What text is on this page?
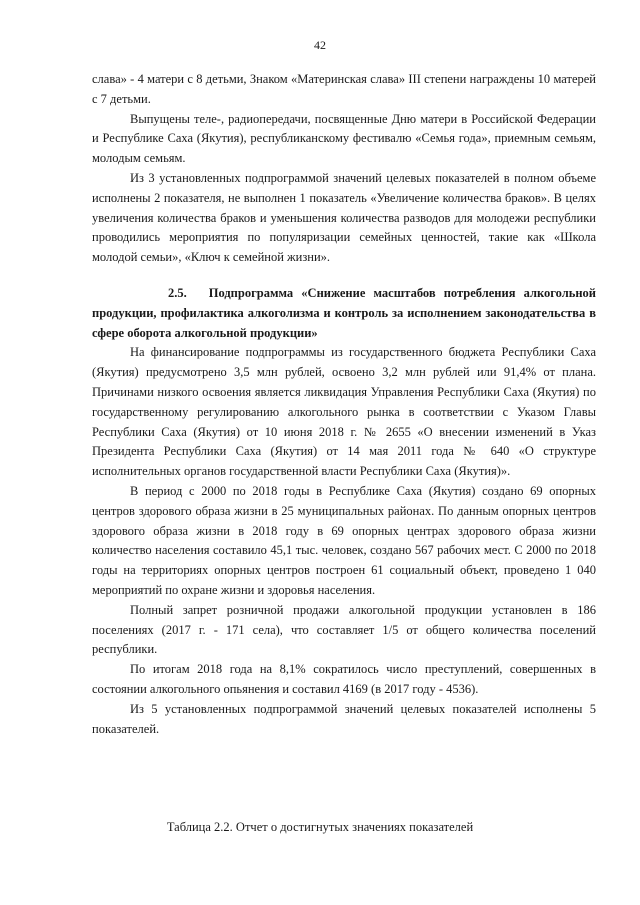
42

слава» - 4 матери с 8 детьми, Знаком «Материнская слава» III степени награждены 10 матерей с 7 детьми.

Выпущены теле-, радиопередачи, посвященные Дню матери в Российской Федерации и Республике Саха (Якутия), республиканскому фестивалю «Семья года», приемным семьям, молодым семьям.

Из 3 установленных подпрограммой значений целевых показателей в полном объеме исполнены 2 показателя, не выполнен 1 показатель «Увеличение количества браков». В целях увеличения количества браков и уменьшения количества разводов для молодежи республики проводились мероприятия по популяризации семейных ценностей, такие как «Школа молодой семьи», «Ключ к семейной жизни».

2.5. Подпрограмма «Снижение масштабов потребления алкогольной продукции, профилактика алкоголизма и контроль за исполнением законодательства в сфере оборота алкогольной продукции»

На финансирование подпрограммы из государственного бюджета Республики Саха (Якутия) предусмотрено 3,5 млн рублей, освоено 3,2 млн рублей или 91,4% от плана. Причинами низкого освоения является ликвидация Управления Республики Саха (Якутия) по государственному регулированию алкогольного рынка в соответствии с Указом Главы Республики Саха (Якутия) от 10 июня 2018 г. № 2655 «О внесении изменений в Указ Президента Республики Саха (Якутия) от 14 мая 2011 года № 640 «О структуре исполнительных органов государственной власти Республики Саха (Якутия)».

В период с 2000 по 2018 годы в Республике Саха (Якутия) создано 69 опорных центров здорового образа жизни в 25 муниципальных районах. По данным опорных центров здорового образа жизни в 2018 году в 69 опорных центрах здорового образа жизни количество населения составило 45,1 тыс. человек, создано 567 рабочих мест. С 2000 по 2018 годы на территориях опорных центров построен 61 социальный объект, проведено 1 040 мероприятий по охране жизни и здоровья населения.

Полный запрет розничной продажи алкогольной продукции установлен в 186 поселениях (2017 г. - 171 села), что составляет 1/5 от общего количества поселений республики.

По итогам 2018 года на 8,1% сократилось число преступлений, совершенных в состоянии алкогольного опьянения и составил 4169 (в 2017 году - 4536).

Из 5 установленных подпрограммой значений целевых показателей исполнены 5 показателей.

Таблица 2.2. Отчет о достигнутых значениях показателей
